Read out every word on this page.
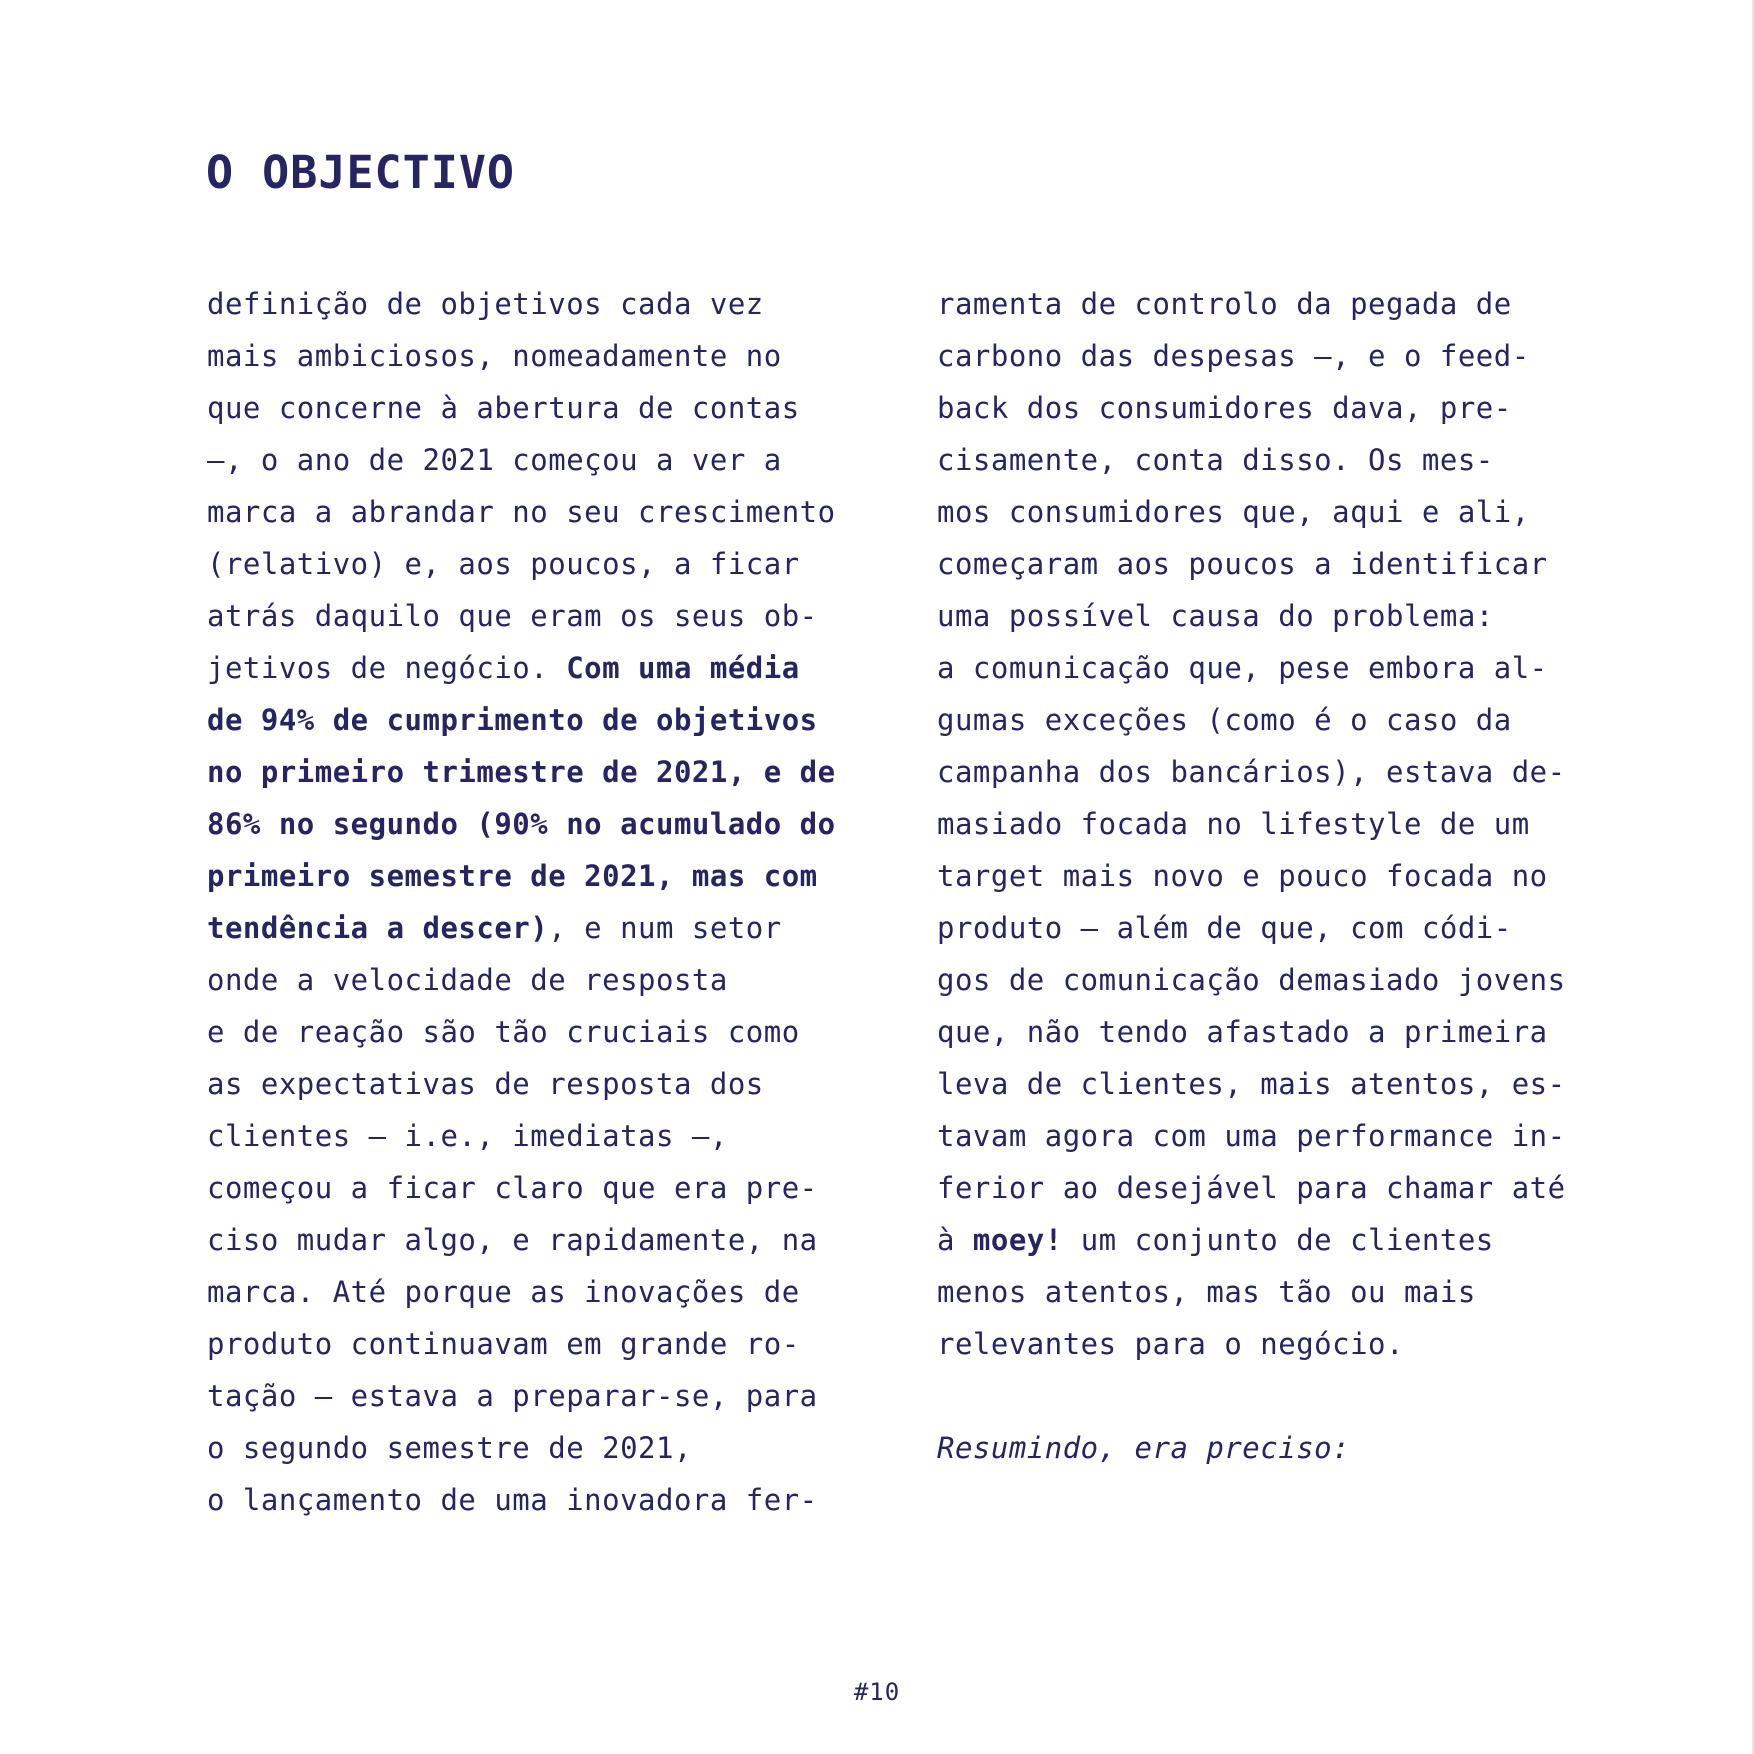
O OBJECTIVO
definição de objetivos cada vez
mais ambiciosos, nomeadamente no
que concerne à abertura de contas
—, o ano de 2021 começou a ver a
marca a abrandar no seu crescimento
(relativo) e, aos poucos, a ficar
atrás daquilo que eram os seus ob-
jetivos de negócio. Com uma média
de 94% de cumprimento de objetivos
no primeiro trimestre de 2021, e de
86% no segundo (90% no acumulado do
primeiro semestre de 2021, mas com
tendência a descer), e num setor
onde a velocidade de resposta
e de reação são tão cruciais como
as expectativas de resposta dos
clientes — i.e., imediatas —,
começou a ficar claro que era pre-
ciso mudar algo, e rapidamente, na
marca. Até porque as inovações de
produto continuavam em grande ro-
tação — estava a preparar-se, para
o segundo semestre de 2021,
o lançamento de uma inovadora fer-
ramenta de controlo da pegada de
carbono das despesas —, e o feed-
back dos consumidores dava, pre-
cisamente, conta disso. Os mes-
mos consumidores que, aqui e ali,
começaram aos poucos a identificar
uma possível causa do problema:
a comunicação que, pese embora al-
gumas exceções (como é o caso da
campanha dos bancários), estava de-
masiado focada no lifestyle de um
target mais novo e pouco focada no
produto — além de que, com códi-
gos de comunicação demasiado jovens
que, não tendo afastado a primeira
leva de clientes, mais atentos, es-
tavam agora com uma performance in-
ferior ao desejável para chamar até
à moey! um conjunto de clientes
menos atentos, mas tão ou mais
relevantes para o negócio.
Resumindo, era preciso:
#10
